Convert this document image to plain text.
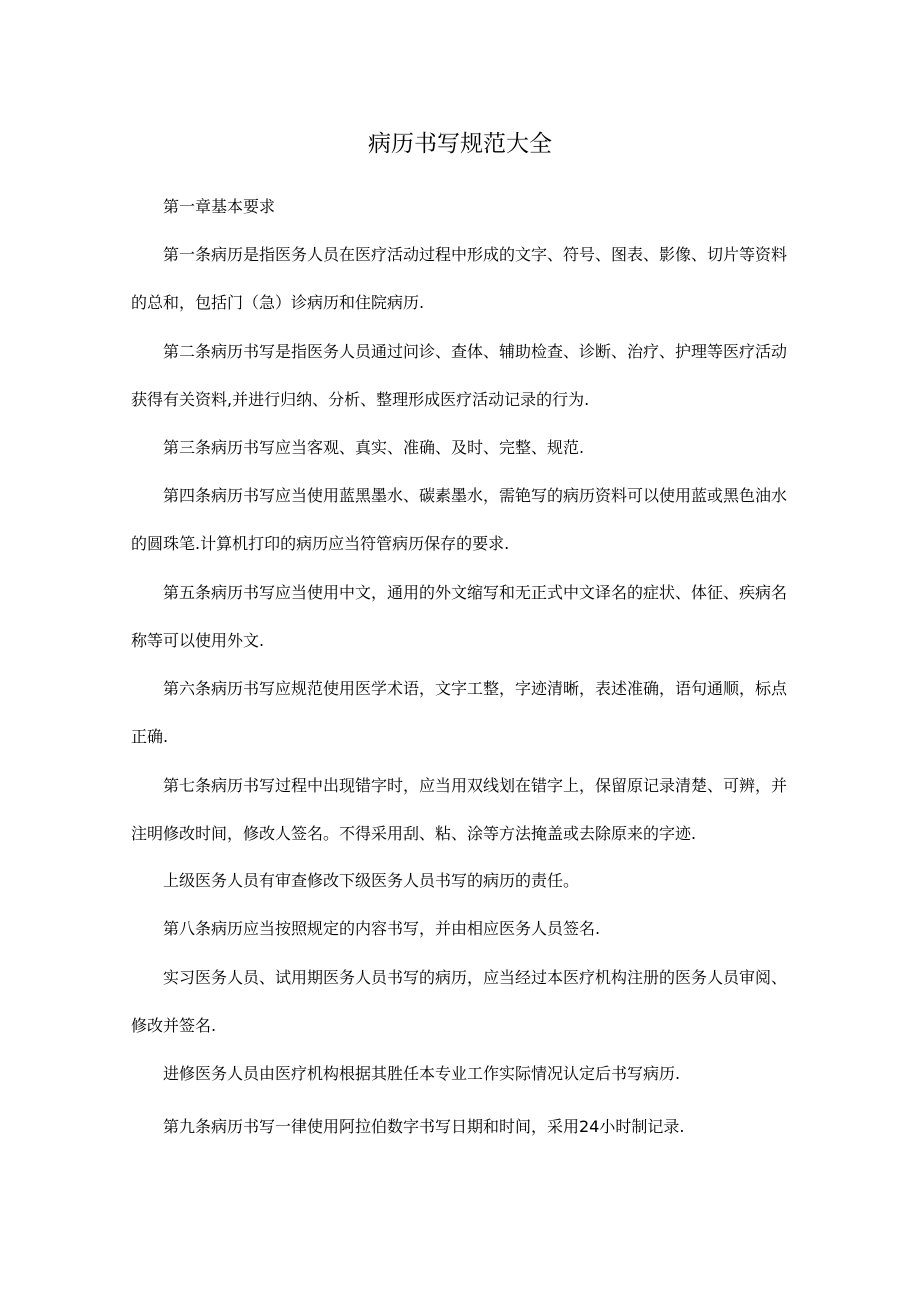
病历书写规范大全

第一章基本要求

第一条病历是指医务人员在医疗活动过程中形成的文字、符号、图表、影像、切片等资料的总和，包括门（急）诊病历和住院病历.

第二条病历书写是指医务人员通过问诊、查体、辅助检查、诊断、治疗、护理等医疗活动获得有关资料,并进行归纳、分析、整理形成医疗活动记录的行为.

第三条病历书写应当客观、真实、准确、及时、完整、规范.

第四条病历书写应当使用蓝黑墨水、碳素墨水，需铯写的病历资料可以使用蓝或黑色油水的圆珠笔.计算机打印的病历应当符管病历保存的要求.

第五条病历书写应当使用中文，通用的外文缩写和无正式中文译名的症状、体征、疾病名称等可以使用外文.

第六条病历书写应规范使用医学术语，文字工整，字迹清晰，表述准确，语句通顺，标点正确.

第七条病历书写过程中出现错字时，应当用双线划在错字上，保留原记录清楚、可辨，并注明修改时间，修改人签名。不得采用刮、粘、涂等方法掩盖或去除原来的字迹.

上级医务人员有审查修改下级医务人员书写的病历的责任。

第八条病历应当按照规定的内容书写，并由相应医务人员签名.

实习医务人员、试用期医务人员书写的病历，应当经过本医疗机构注册的医务人员审阅、修改并签名.

进修医务人员由医疗机构根据其胜任本专业工作实际情况认定后书写病历.

第九条病历书写一律使用阿拉伯数字书写日期和时间，采用24小时制记录.
